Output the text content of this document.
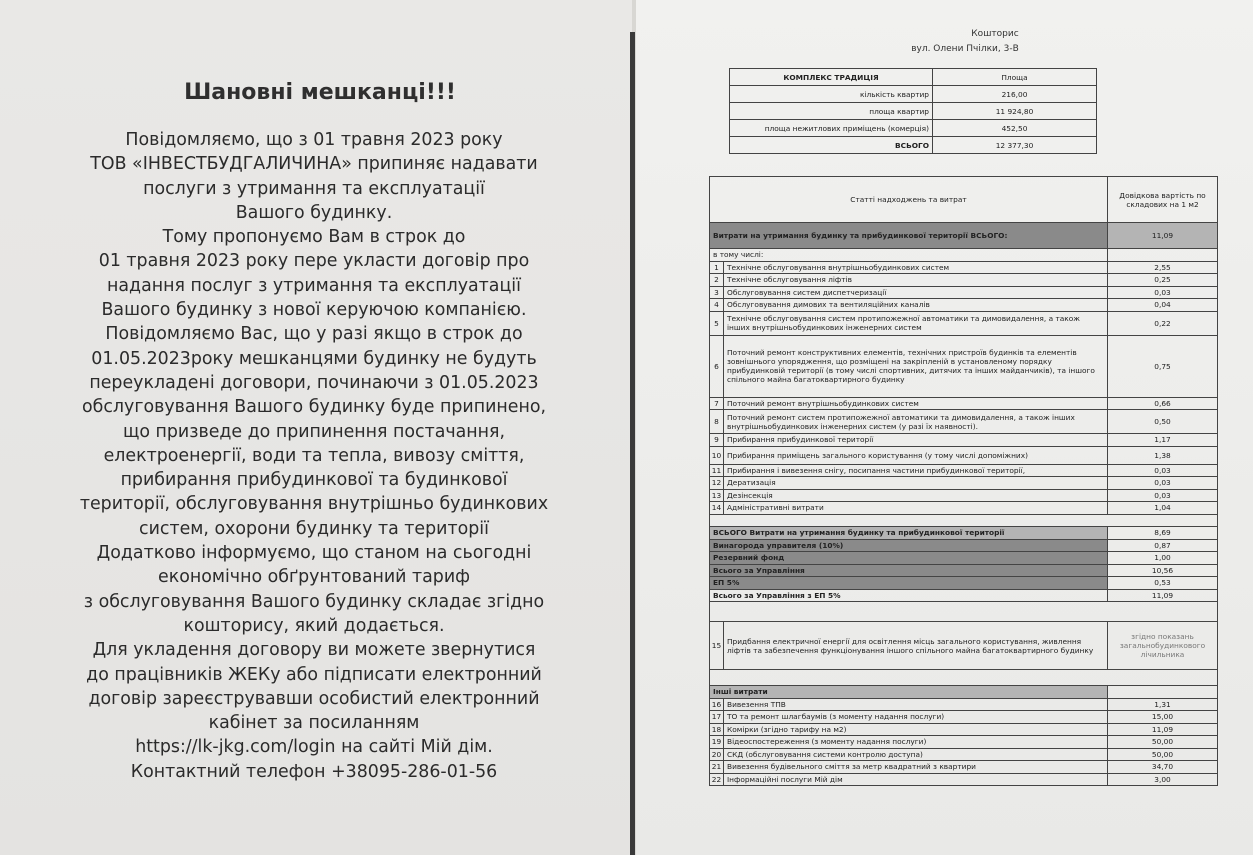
Шановні мешканці!!!
Повідомляємо, що з 01 травня 2023 року
ТОВ «ІНВЕСТБУДГАЛИЧИНА» припиняє надавати
послуги з утримання та експлуатації
Вашого будинку.
Тому пропонуємо Вам в строк до
01 травня 2023 року пере укласти договір про
надання послуг з утримання та експлуатації
Вашого будинку з нової керуючою компанією.
Повідомляємо Вас, що у разі якщо в строк до
01.05.2023року мешканцями будинку не будуть
переукладені договори, починаючи з 01.05.2023
обслуговування Вашого будинку буде припинено,
що призведе до припинення постачання,
електроенергії, води та тепла, вивозу сміття,
прибирання прибудинкової та будинкової
території, обслуговування внутрішньо будинкових
систем, охорони будинку та території
Додатково інформуємо, що станом на сьогодні
економічно обґрунтований тариф
з обслуговування Вашого будинку складає згідно
кошторису, який додається.
Для укладення договору ви можете звернутися
до працівників ЖЕКу або підписати електронний
договір зареєструвавши особистий електронний
кабінет за посиланням
https://lk-jkg.com/login на сайті Мій дім.
Контактний телефон +38095-286-01-56
Кошторис
вул. Олени Пчілки, 3-В
КОМПЛЕКС ТРАДИЦІЯ	Площа
кількість квартир	216,00
площа квартир	11 924,80
площа нежитлових приміщень (комерція)	452,50
ВСЬОГО	12 377,30
Статті надходжень та витрат		Довідкова вартість по складових на 1 м2
Витрати на утримання будинку та прибудинкової території ВСЬОГО:		11,09
в тому числі:		
1	Технічне обслуговування внутрішньобудинкових систем	2,55
2	Технічне обслуговування ліфтів	0,25
3	Обслуговування систем диспетчеризації	0,03
4	Обслуговування димових та вентиляційних каналів	0,04
5	Технічне обслуговування систем протипожежної автоматики та димовидалення, а також інших внутрішньобудинкових інженерних систем	0,22
6	Поточний ремонт конструктивних елементів, технічних пристроїв будинків та елементів зовнішнього упорядження, що розміщені на закріпленій в установленому порядку прибудинковій території (в тому числі спортивних, дитячих та інших майданчиків), та іншого спільного майна багатоквартирного будинку	0,75
7	Поточний ремонт внутрішньобудинкових систем	0,66
8	Поточний ремонт систем протипожежної автоматики та димовидалення, а також інших внутрішньобудинкових інженерних систем (у разі їх наявності).	0,50
9	Прибирання прибудинкової території	1,17
10	Прибирання приміщень загального користування (у тому числі допоміжних)	1,38
11	Прибирання і вивезення снігу, посипання частини прибудинкової території,	0,03
12	Дератизація	0,03
13	Дезінсекція	0,03
14	Адміністративні витрати	1,04

ВСЬОГО Витрати на утримання будинку та прибудинкової території		8,69
Винагорода управителя (10%)		0,87
Резервний фонд		1,00
Всього за Управління		10,56
ЕП 5%		0,53
Всього за Управління з ЕП 5%		11,09

15	Придбання електричної енергії для освітлення місць загального користування, живлення ліфтів та забезпечення функціонування іншого спільного майна багатоквартирного будинку	згідно показань загальнобудинкового лічильника

Інші витрати		
16	Вивезення ТПВ	1,31
17	ТО та ремонт шлагбаумів (з моменту надання послуги)	15,00
18	Комірки (згідно тарифу на м2)	11,09
19	Відеоспостереження (з моменту надання послуги)	50,00
20	СКД (обслуговування системи контролю доступа)	50,00
21	Вивезення будівельного сміття за метр квадратний з квартири	34,70
22	Інформаційні послуги Мій дім	3,00
